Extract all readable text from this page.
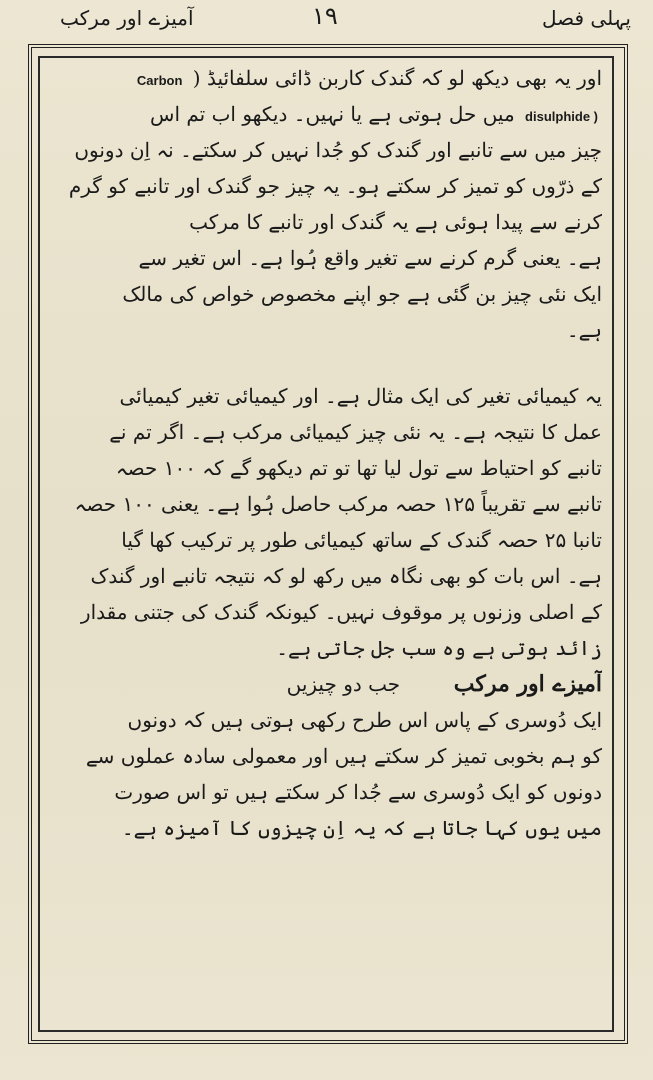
پہلی فصل
۱۹
آمیزے اور مرکب
اور یہ بھی دیکھ لو کہ گندک کاربن ڈائی سلفائیڈ ( Carbon
disulphide ) میں حل ہوتی ہے یا نہیں۔ دیکھو اب تم اس
چیز میں سے تانبے اور گندک کو جُدا نہیں کر سکتے۔ نہ اِن دونوں
کے ذرّوں کو تمیز کر سکتے ہو۔ یہ چیز جو گندک اور تانبے کو گرم
کرنے سے پیدا ہوئی ہے یہ گندک اور تانبے کا مرکب
ہے۔ یعنی گرم کرنے سے تغیر واقع ہُوا ہے۔ اس تغیر سے
ایک نئی چیز بن گئی ہے جو اپنے مخصوص خواص کی مالک
ہے۔
یہ کیمیائی تغیر کی ایک مثال ہے۔ اور کیمیائی تغیر کیمیائی
عمل کا نتیجہ ہے۔ یہ نئی چیز کیمیائی مرکب ہے۔ اگر تم نے
تانبے کو احتیاط سے تول لیا تھا تو تم دیکھو گے کہ ۱۰۰ حصہ
تانبے سے تقریباً ۱۲۵ حصہ مرکب حاصل ہُوا ہے۔ یعنی ۱۰۰ حصہ
تانبا ۲۵ حصہ گندک کے ساتھ کیمیائی طور پر ترکیب کھا گیا
ہے۔ اس بات کو بھی نگاہ میں رکھ لو کہ نتیجہ تانبے اور گندک
کے اصلی وزنوں پر موقوف نہیں۔ کیونکہ گندک کی جتنی مقدار
زائد ہوتی ہے وہ سب جل جاتی ہے۔
آمیزے اور مرکب       جب دو چیزیں
ایک دُوسری کے پاس اس طرح رکھی ہوتی ہیں کہ دونوں
کو ہم بخوبی تمیز کر سکتے ہیں اور معمولی سادہ عملوں سے
دونوں کو ایک دُوسری سے جُدا کر سکتے ہیں تو اس صورت
میں یوں کہا جاتا ہے کہ یہ اِن چیزوں کا آمیزہ ہے۔
